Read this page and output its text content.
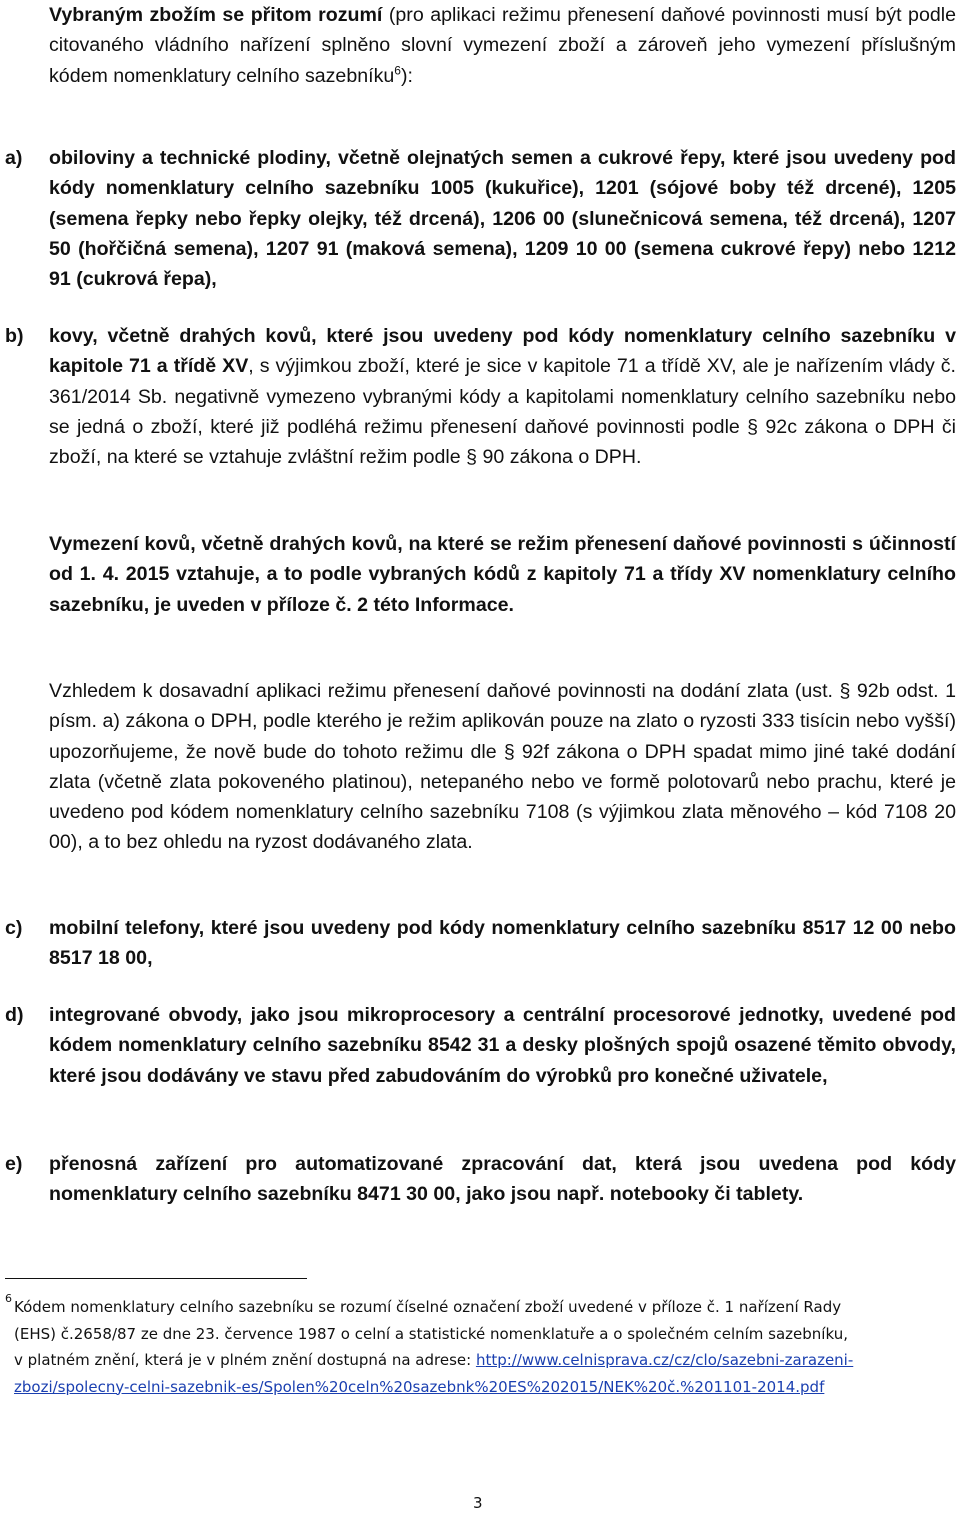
Vybraným zbožím se přitom rozumí (pro aplikaci režimu přenesení daňové povinnosti musí být podle citovaného vládního nařízení splněno slovní vymezení zboží a zároveň jeho vymezení příslušným kódem nomenklatury celního sazebníku$^6$):

a) obiloviny a technické plodiny, včetně olejnatých semen a cukrové řepy, které jsou uvedeny pod kódy nomenklatury celního sazebníku 1005 (kukuřice), 1201 (sójové boby též drcené), 1205 (semena řepky nebo řepky olejky, též drcená), 1206 00 (slunečnicová semena, též drcená), 1207 50 (hořčičná semena), 1207 91 (maková semena), 1209 10 00 (semena cukrové řepy) nebo 1212 91 (cukrová řepa),
b) kovy, včetně drahých kovů, které jsou uvedeny pod kódy nomenklatury celního sazebníku v kapitole 71 a třídě XV, s výjimkou zboží, které je sice v kapitole 71 a třídě XV, ale je nařízením vlády č. 361/2014 Sb. negativně vymezeno vybranými kódy a kapitolami nomenklatury celního sazebníku nebo se jedná o zboží, které již podléhá režimu přenesení daňové povinnosti podle § 92c zákona o DPH či zboží, na které se vztahuje zvláštní režim podle § 90 zákona o DPH.

Vymezení kovů, včetně drahých kovů, na které se režim přenesení daňové povinnosti s účinností od 1. 4. 2015 vztahuje, a to podle vybraných kódů z kapitoly 71 a třídy XV nomenklatury celního sazebníku, je uveden v příloze č. 2 této Informace.

Vzhledem k dosavadní aplikaci režimu přenesení daňové povinnosti na dodání zlata (ust. § 92b odst. 1 písm. a) zákona o DPH, podle kterého je režim aplikován pouze na zlato o ryzosti 333 tisícin nebo vyšší) upozorňujeme, že nově bude do tohoto režimu dle § 92f zákona o DPH spadat mimo jiné také dodání zlata (včetně zlata pokoveného platinou), netepaného nebo ve formě polotovarů nebo prachu, které je uvedeno pod kódem nomenklatury celního sazebníku 7108 (s výjimkou zlata měnového – kód 7108 20 00), a to bez ohledu na ryzost dodávaného zlata.

c) mobilní telefony, které jsou uvedeny pod kódy nomenklatury celního sazebníku 8517 12 00 nebo 8517 18 00,
d) integrované obvody, jako jsou mikroprocesory a centrální procesorové jednotky, uvedené pod kódem nomenklatury celního sazebníku 8542 31 a desky plošných spojů osazené těmito obvody, které jsou dodávány ve stavu před zabudováním do výrobků pro konečné uživatele,
e) přenosná zařízení pro automatizované zpracování dat, která jsou uvedena pod kódy nomenklatury celního sazebníku 8471 30 00, jako jsou např. notebooky či tablety.
6 Kódem nomenklatury celního sazebníku se rozumí číselné označení zboží uvedené v příloze č. 1 nařízení Rady (EHS) č.2658/87 ze dne 23. července 1987 o celní a statistické nomenklatuře a o společném celním sazebníku, v platném znění, která je v plném znění dostupná na adrese: http://www.celnisprava.cz/cz/clo/sazebni-zarazeni-zbozi/spolecny-celni-sazebnik-es/Spolen%20celn%20sazebnk%20ES%202015/NEK%20č.%201101-2014.pdf
3
